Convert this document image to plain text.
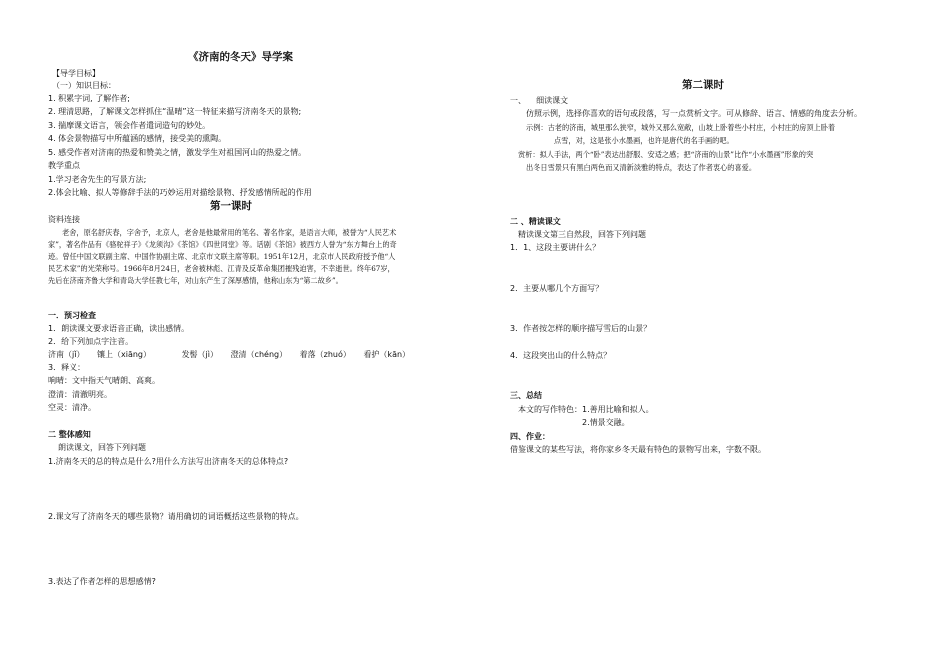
《济南的冬天》导学案
【导学目标】
（一）知识目标：
1. 积累字词, 了解作者;
2. 理清思路，了解课文怎样抓住“温晴”这一特征来描写济南冬天的景物;
3. 揣摩课文语言，领会作者遣词造句的妙处。
4. 体会景物描写中所蕴涵的感情，接受美的熏陶。
5. 感受作者对济南的热爱和赞美之情，激发学生对祖国河山的热爱之情。
教学重点
1.学习老舍先生的写景方法;
2.体会比喻、拟人等修辞手法的巧妙运用对描绘景物、抒发感情所起的作用
第一课时
资料连接
老舍，原名舒庆春，字舍予，北京人，老舍是他最常用的笔名、著名作家，是语言大师，被誉为“人民艺术家”，著名作品有《骆驼祥子》《龙须沟》《茶馆》《四世同堂》等。话剧《茶馆》被西方人誉为“东方舞台上的奇迹。曾任中国文联副主席、中国作协副主席、北京市文联主席等职。1951年12月，北京市人民政府授予他“人民艺术家”的光荣称号。1966年8月24日，老舍被林彪、江青及反革命集团摧残迫害，不幸逝世。终年67岁，先后在济南齐鲁大学和青岛大学任教七年，对山东产生了深厚感情，他称山东为“第二故乡”。
一．预习检查
1．朗读课文要求语音正确，读出感情。
2．给下列加点字注音。
济南（jǐ） 镶上（xiāng）	发髻（jì） 澄清（chéng） 着落（zhuó） 看护（kān）
3．释义：
响晴：文中指天气晴朗、高爽。
澄清：清澈明亮。
空灵：清净。
二 整体感知
朗读课文，回答下列问题
1.济南冬天的总的特点是什么?用什么方法写出济南冬天的总体特点?
2.课文写了济南冬天的哪些景物？请用确切的词语概括这些景物的特点。
3.表达了作者怎样的思想感情?
第二课时
一、    细读课文
仿照示例，选择你喜欢的语句或段落，写一点赏析文字。可从修辞、语言、情感的角度去分析。
示例：古老的济南，城里那么狭窄，城外又那么宽敞，山坡上卧着些小村庄，小村庄的房顶上卧着
点雪，对，这是张小水墨画，也许是唐代的名手画的吧。
赏析：拟人手法，两个“卧”表达出舒服、安适之感；把“济南的山景”比作“小水墨画”形象的突
出冬日雪景只有黑白两色而又清新淡雅的特点，表达了作者衷心的喜爱。
二 、精读课文
精读课文第三自然段，回答下列问题
1．1、这段主要讲什么？
2．主要从哪几个方面写？
3．作者按怎样的顺序描写雪后的山景？
4．这段突出山的什么特点？
三、总结
本文的写作特色：1.善用比喻和拟人。
2.情景交融。
四、作业：
借鉴课文的某些写法，将你家乡冬天最有特色的景物写出来，字数不限。
